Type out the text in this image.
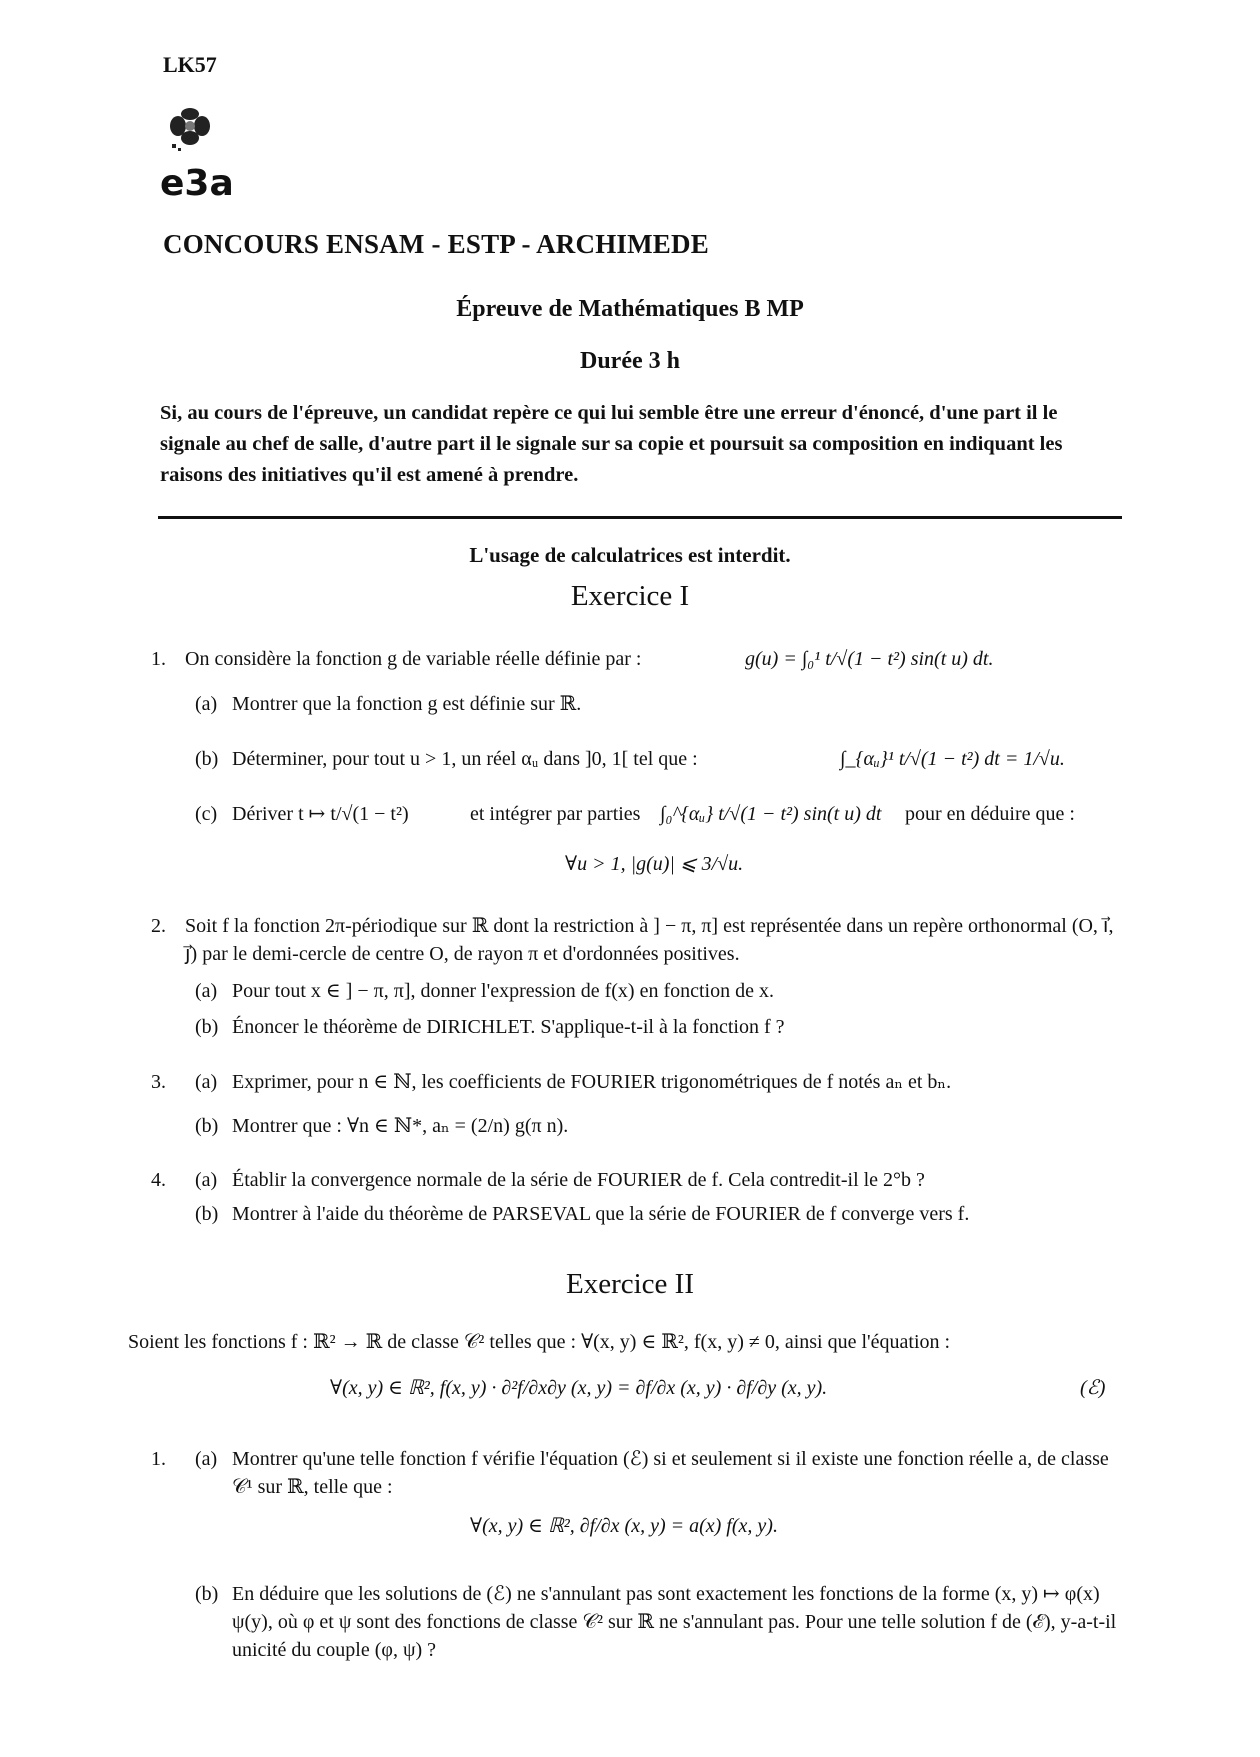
LK57
e3a
CONCOURS ENSAM - ESTP - ARCHIMEDE
Épreuve de Mathématiques B MP
Durée 3 h
Si, au cours de l'épreuve, un candidat repère ce qui lui semble être une erreur d'énoncé, d'une part il le signale au chef de salle, d'autre part il le signale sur sa copie et poursuit sa composition en indiquant les raisons des initiatives qu'il est amené à prendre.
L'usage de calculatrices est interdit.
Exercice I
1. On considère la fonction g de variable réelle définie par :	g(u) = ∫₀¹ t/√(1 − t²) sin(t u) dt.
(a) Montrer que la fonction g est définie sur ℝ.
(b) Déterminer, pour tout u > 1, un réel αᵤ dans ]0, 1[ tel que :	∫_{αᵤ}¹ t/√(1 − t²) dt = 1/√u.
(c) Dériver t ↦ t/√(1 − t²)	et intégrer par parties ∫₀^{αᵤ} t/√(1 − t²) sin(t u) dt pour en déduire que :
∀u > 1, |g(u)| ⩽ 3/√u.
2. Soit f la fonction 2π-périodique sur ℝ dont la restriction à ] − π, π] est représentée dans un repère orthonormal (O, i⃗, j⃗) par le demi-cercle de centre O, de rayon π et d'ordonnées positives.
(a) Pour tout x ∈ ] − π, π], donner l'expression de f(x) en fonction de x.
(b) Énoncer le théorème de DIRICHLET. S'applique-t-il à la fonction f ?
3. (a) Exprimer, pour n ∈ ℕ, les coefficients de FOURIER trigonométriques de f notés aₙ et bₙ.
(b) Montrer que : ∀n ∈ ℕ*, aₙ = (2/n) g(π n).
4. (a) Établir la convergence normale de la série de FOURIER de f. Cela contredit-il le 2°b ?
(b) Montrer à l'aide du théorème de PARSEVAL que la série de FOURIER de f converge vers f.
Exercice II
Soient les fonctions f : ℝ² → ℝ de classe 𝒞² telles que : ∀(x, y) ∈ ℝ², f(x, y) ≠ 0, ainsi que l'équation :
∀(x, y) ∈ ℝ², f(x, y) · ∂²f/∂x∂y (x, y) = ∂f/∂x (x, y) · ∂f/∂y (x, y).	(ℰ)
1. (a) Montrer qu'une telle fonction f vérifie l'équation (ℰ) si et seulement si il existe une fonction réelle a, de classe 𝒞¹ sur ℝ, telle que :
∀(x, y) ∈ ℝ², ∂f/∂x (x, y) = a(x) f(x, y).
(b) En déduire que les solutions de (ℰ) ne s'annulant pas sont exactement les fonctions de la forme (x, y) ↦ φ(x) ψ(y), où φ et ψ sont des fonctions de classe 𝒞² sur ℝ ne s'annulant pas. Pour une telle solution f de (ℰ), y-a-t-il unicité du couple (φ, ψ) ?
